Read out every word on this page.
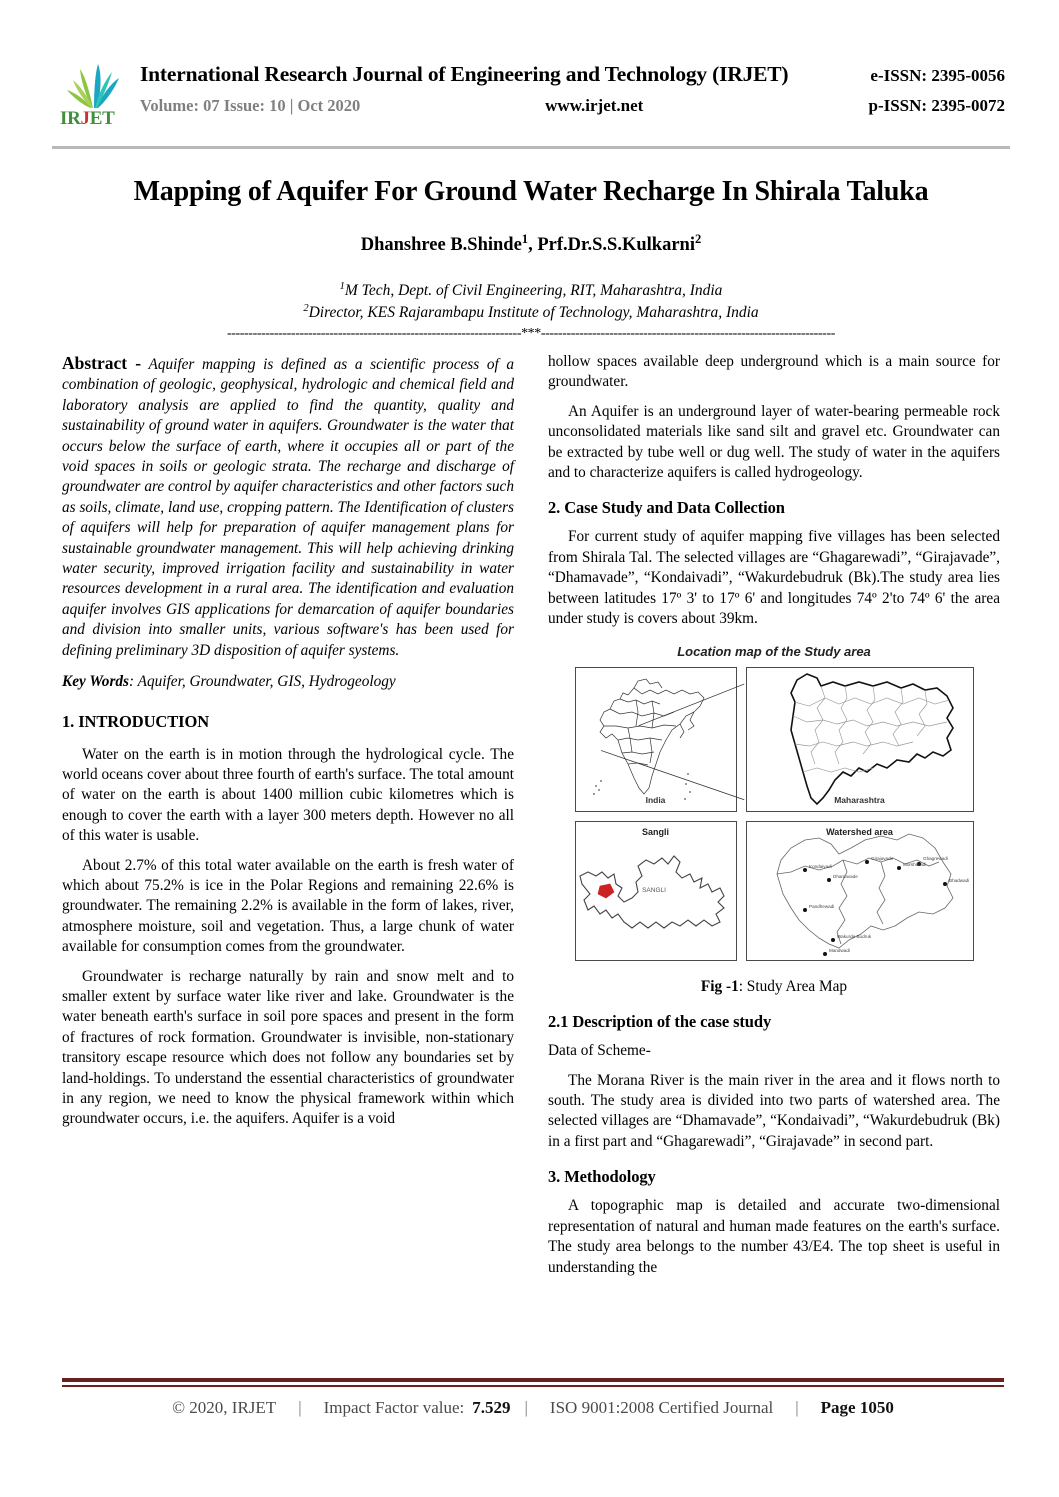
IRJET
International Research Journal of Engineering and Technology (IRJET)	e-ISSN: 2395-0056
Volume: 07 Issue: 10 | Oct 2020	www.irjet.net	p-ISSN: 2395-0072
Mapping of Aquifer For Ground Water Recharge In Shirala Taluka
Dhanshree B.Shinde$^1$, Prf.Dr.S.S.Kulkarni$^2$
$^1$M Tech, Dept. of Civil Engineering, RIT, Maharashtra, India
$^2$Director, KES Rajarambapu Institute of Technology, Maharashtra, India
---------------------------------------------------------------------***---------------------------------------------------------------------

Abstract - Aquifer mapping is defined as a scientific process of a combination of geologic, geophysical, hydrologic and chemical field and laboratory analysis are applied to find the quantity, quality and sustainability of ground water in aquifers. Groundwater is the water that occurs below the surface of earth, where it occupies all or part of the void spaces in soils or geologic strata. The recharge and discharge of groundwater are control by aquifer characteristics and other factors such as soils, climate, land use, cropping pattern. The Identification of clusters of aquifers will help for preparation of aquifer management plans for sustainable groundwater management. This will help achieving drinking water security, improved irrigation facility and sustainability in water resources development in a rural area. The identification and evaluation aquifer involves GIS applications for demarcation of aquifer boundaries and division into smaller units, various software's has been used for defining preliminary 3D disposition of aquifer systems.

Key Words: Aquifer, Groundwater, GIS, Hydrogeology

1. INTRODUCTION

Water on the earth is in motion through the hydrological cycle. The world oceans cover about three fourth of earth's surface. The total amount of water on the earth is about 1400 million cubic kilometres which is enough to cover the earth with a layer 300 meters depth. However no all of this water is usable.

About 2.7% of this total water available on the earth is fresh water of which about 75.2% is ice in the Polar Regions and remaining 22.6% is groundwater. The remaining 2.2% is available in the form of lakes, river, atmosphere moisture, soil and vegetation. Thus, a large chunk of water available for consumption comes from the groundwater.

Groundwater is recharge naturally by rain and snow melt and to smaller extent by surface water like river and lake. Groundwater is the water beneath earth's surface in soil pore spaces and present in the form of fractures of rock formation. Groundwater is invisible, non-stationary transitory escape resource which does not follow any boundaries set by land-holdings. To understand the essential characteristics of groundwater in any region, we need to know the physical framework within which groundwater occurs, i.e. the aquifers. Aquifer is a void

hollow spaces available deep underground which is a main source for groundwater.

An Aquifer is an underground layer of water-bearing permeable rock unconsolidated materials like sand silt and gravel etc. Groundwater can be extracted by tube well or dug well. The study of water in the aquifers and to characterize aquifers is called hydrogeology.

2. Case Study and Data Collection

For current study of aquifer mapping five villages has been selected from Shirala Tal. The selected villages are “Ghagarewadi”, “Girajavade”, “Dhamavade”, “Kondaivadi”, “Wakurdebudruk (Bk).The study area lies between latitudes 17º 3' to 17º 6' and longitudes 74º 2'to 74º 6' the area under study is covers about 39km.

Location map of the Study area
India	Maharashtra
Sangli
SANGLI
Watershed area
Kondaivadi
Dhamavade
Girajavade
Morshiwadi
Ghagrewadi
Bhadwadi
Pandhewadi
Wakurde Budruk
Mandwadi
Fig -1: Study Area Map
2.1 Description of the case study

Data of Scheme-

The Morana River is the main river in the area and it flows north to south. The study area is divided into two parts of watershed area. The selected villages are “Dhamavade”, “Kondaivadi”, “Wakurdebudruk (Bk) in a first part and “Ghagarewadi”, “Girajavade” in second part.

3. Methodology

A topographic map is detailed and accurate two-dimensional representation of natural and human made features on the earth's surface. The study area belongs to the number 43/E4. The top sheet is useful in understanding the

© 2020, IRJET | Impact Factor value: 7.529 | ISO 9001:2008 Certified Journal | Page 1050
